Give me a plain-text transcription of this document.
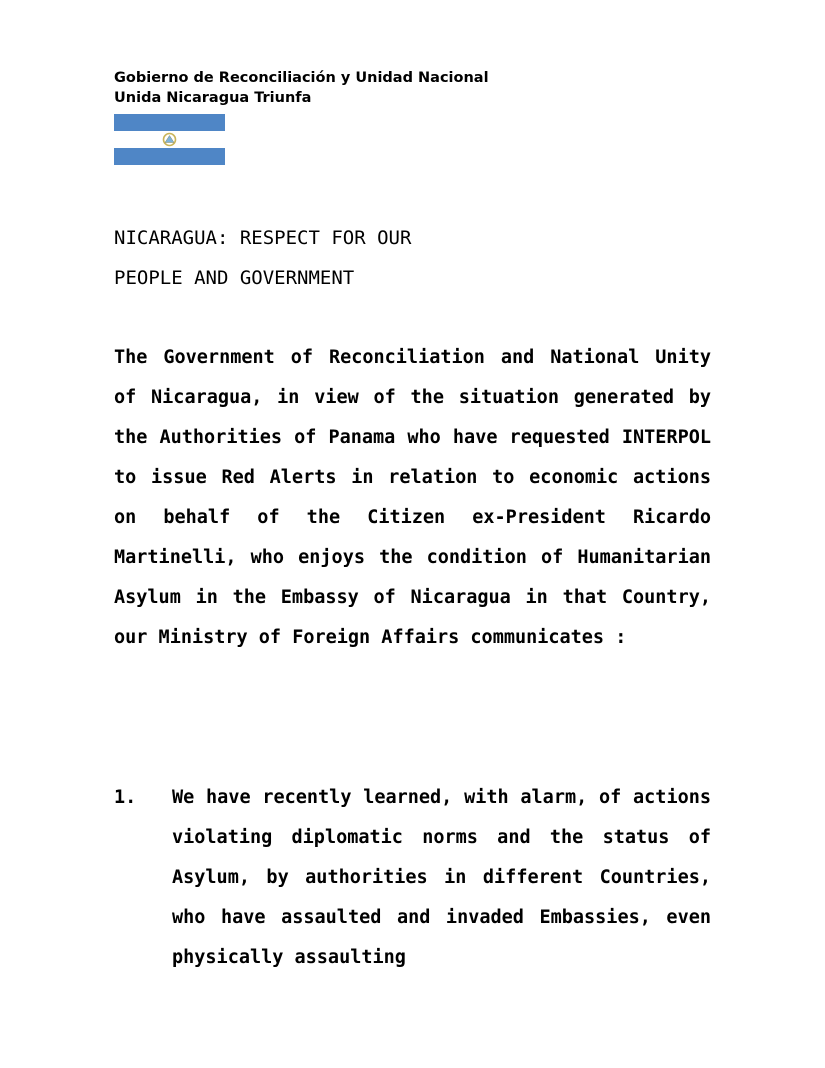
Gobierno de Reconciliación y Unidad Nacional
Unida Nicaragua Triunfa
NICARAGUA: RESPECT FOR OUR
PEOPLE AND GOVERNMENT

The Government of Reconciliation and National Unity of Nicaragua, in view of the situation generated by the Authorities of Panama who have requested INTERPOL to issue Red Alerts in relation to economic actions on behalf of the Citizen ex-President Ricardo Martinelli, who enjoys the condition of Humanitarian Asylum in the Embassy of Nicaragua in that Country, our Ministry of Foreign Affairs communicates :

1. We have recently learned, with alarm, of actions violating diplomatic norms and the status of Asylum, by authorities in different Countries, who have assaulted and invaded Embassies, even physically assaulting
